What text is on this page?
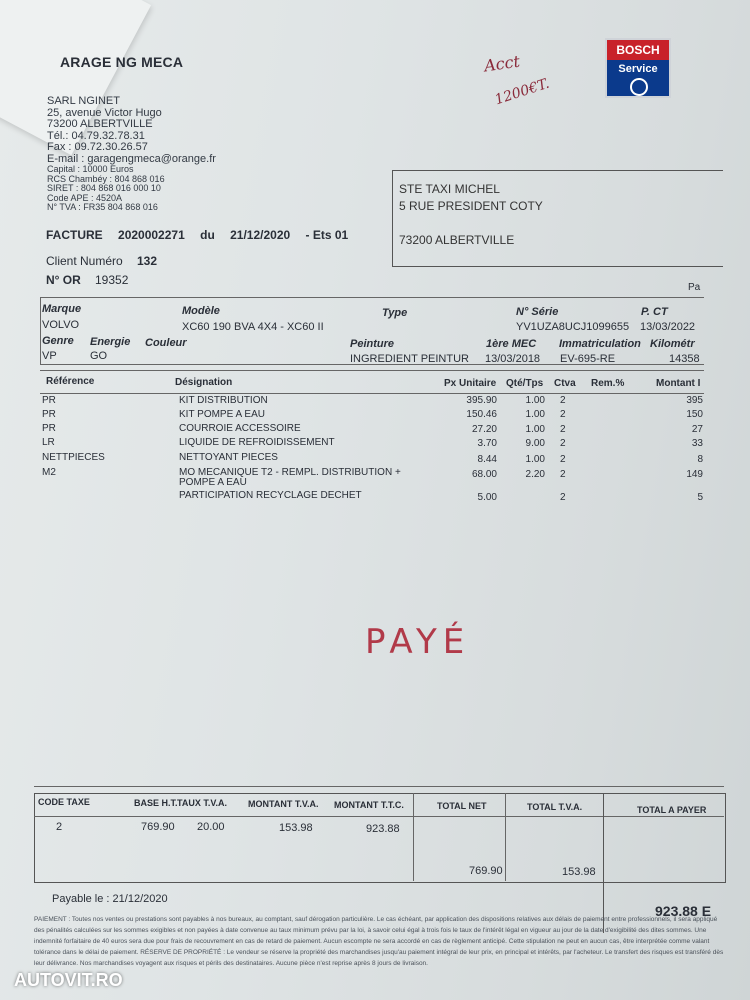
ARAGE NG MECA
SARL NGINET
25, avenue Victor Hugo
73200 ALBERTVILLE
Tél.: 04.79.32.78.31
Fax : 09.72.30.26.57
E-mail : garagengmeca@orange.fr
Capital : 10000 Euros
RCS Chambéy : 804 868 016
SIRET : 804 868 016 000 10
Code APE : 4520A
N° TVA : FR35 804 868 016
BOSCH
Service
Acct
1200€T.
STE TAXI MICHEL
5 RUE PRESIDENT COTY
73200 ALBERTVILLE
FACTURE 2020002271 du 21/12/2020 - Ets 01
Client Numéro 132
N° OR 19352
Pa
Marque	Modèle	Type	N° Série	P. CT
VOLVO	XC60 190 BVA 4X4 - XC60 II	YV1UZA8UCJ1099655 13/03/2022
Genre Energie Couleur	Peinture	1ère MEC Immatriculation Kilométr
VP	GO	INGREDIENT PEINTUR 13/03/2018 EV-695-RE	14358
Référence	Désignation	Px Unitaire Qté/Tps Ctva Rem.%	Montant I
PR	KIT DISTRIBUTION	395.90	1.00 2	395
PR	KIT POMPE A EAU	150.46	1.00 2	150
PR	COURROIE ACCESSOIRE	27.20	1.00 2	27
LR	LIQUIDE DE REFROIDISSEMENT	3.70	9.00 2	33
NETTPIECES	NETTOYANT PIECES	8.44	1.00 2	8
M2	MO MECANIQUE T2 - REMPL. DISTRIBUTION +	68.00	2.20 2	149
POMPE A EAU
PARTICIPATION RECYCLAGE DECHET	5.00	2	5
PAYÉ
CODE TAXE	BASE H.T. TAUX T.V.A. MONTANT T.V.A. MONTANT T.T.C.	TOTAL NET	TOTAL T.V.A.	TOTAL A PAYER
2	769.90 20.00	153.98	923.88
769.90	153.98
Payable le : 21/12/2020
923.88 E
PAIEMENT : Toutes nos ventes ou prestations sont payables à nos bureaux, au comptant, sauf dérogation particulière. Le cas échéant, par application des dispositions relatives aux délais de paiement entre professionnels, il sera appliqué des pénalités calculées sur les sommes exigibles et non payées à date convenue au taux minimum prévu par la loi, à savoir celui égal à trois fois le taux de l'intérêt légal en vigueur au jour de la date d'exigibilité des dites sommes. Une indemnité forfaitaire de 40 euros sera due pour frais de recouvrement en cas de retard de paiement. Aucun escompte ne sera accordé en cas de règlement anticipé. Cette stipulation ne peut en aucun cas, être interprétée comme valant tolérance dans le délai de paiement. RÉSERVE DE PROPRIÉTÉ : Le vendeur se réserve la propriété des marchandises jusqu'au paiement intégral de leur prix, en principal et intérêts, par l'acheteur. Le transfert des risques est transféré dès leur délivrance. Nos marchandises voyagent aux risques et périls des destinataires. Aucune pièce n'est reprise après 8 jours de livraison.
AUTOVIT.RO
